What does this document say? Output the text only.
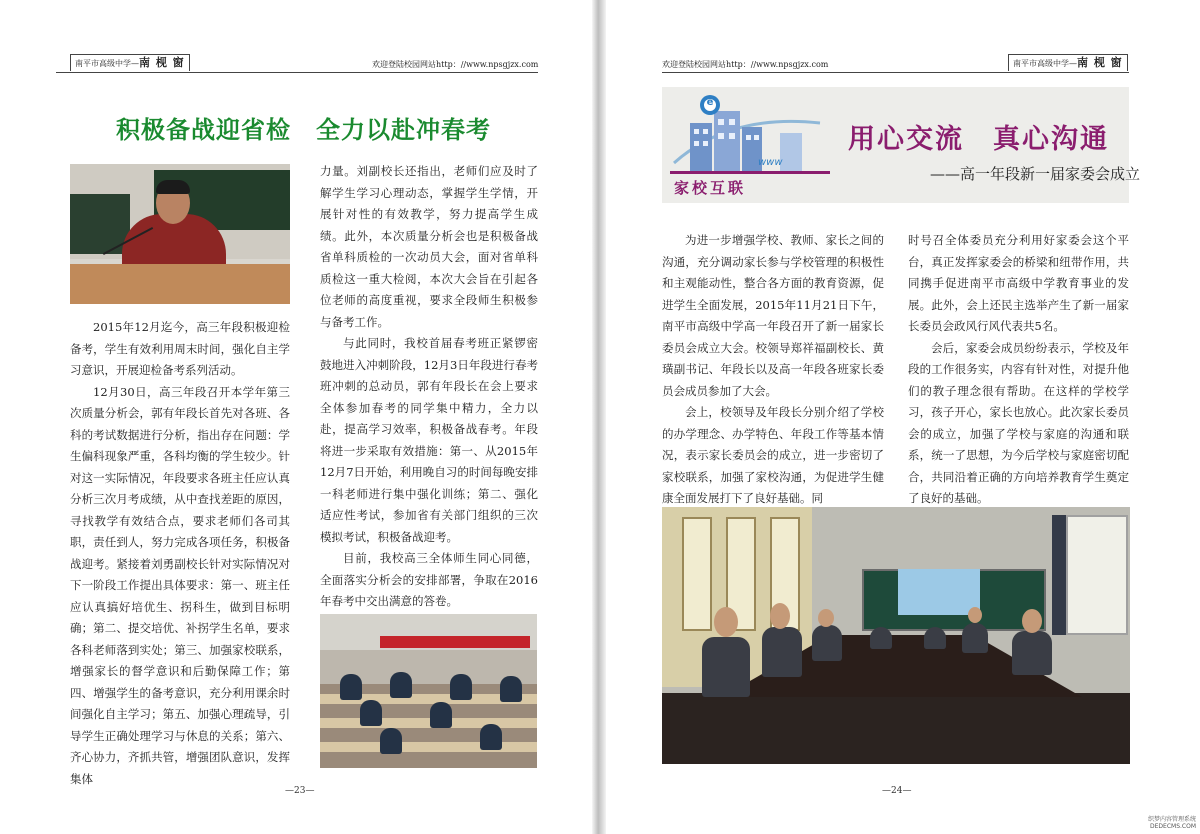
南平市高级中学—南 枧 窗	欢迎登陆校园网站http：//www.npsgjzx.com
积极备战迎省检　全力以赴冲春考

2015年12月迄今，高三年段积极迎检备考，学生有效利用周末时间，强化自主学习意识，开展迎检备考系列活动。

12月30日，高三年段召开本学年第三次质量分析会，郭有年段长首先对各班、各科的考试数据进行分析，指出存在问题：学生偏科现象严重，各科均衡的学生较少。针对这一实际情况，年段要求各班主任应认真分析三次月考成绩，从中查找差距的原因，寻找教学有效结合点，要求老师们各司其职，责任到人，努力完成各项任务，积极备战迎考。紧接着刘勇副校长针对实际情况对下一阶段工作提出具体要求：第一、班主任应认真搞好培优生、拐科生，做到目标明确；第二、提交培优、补拐学生名单，要求各科老师落到实处；第三、加强家校联系，增强家长的督学意识和后勤保障工作；第四、增强学生的备考意识，充分利用课余时间强化自主学习；第五、加强心理疏导，引导学生正确处理学习与休息的关系；第六、齐心协力，齐抓共管，增强团队意识，发挥集体

力量。刘副校长还指出，老师们应及时了解学生学习心理动态，掌握学生学情，开展针对性的有效教学，努力提高学生成绩。此外，本次质量分析会也是积极备战省单科质检的一次动员大会，面对省单科质检这一重大检阅，本次大会旨在引起各位老师的高度重视，要求全段师生积极参与备考工作。

与此同时，我校首届春考班正紧锣密鼓地进入冲刺阶段，12月3日年段进行春考班冲刺的总动员，郭有年段长在会上要求全体参加春考的同学集中精力，全力以赴，提高学习效率，积极备战春考。年段将进一步采取有效措施：第一、从2015年12月7日开始，利用晚自习的时间每晚安排一科老师进行集中强化训练；第二、强化适应性考试，参加省有关部门组织的三次模拟考试，积极备战迎考。

目前，我校高三全体师生同心同德，全面落实分析会的安排部署，争取在2016年春考中交出满意的答卷。

—23—
欢迎登陆校园网站http：//www.npsgjzx.com	南平市高级中学—南 枧 窗
e
www
用心交流　真心沟通
——高一年段新一届家委会成立
家校互联

为进一步增强学校、教师、家长之间的沟通，充分调动家长参与学校管理的积极性和主观能动性，整合各方面的教育资源，促进学生全面发展，2015年11月21日下午，南平市高级中学高一年段召开了新一届家长委员会成立大会。校领导郑祥福副校长、黄璜副书记、年段长以及高一年段各班家长委员会成员参加了大会。

会上，校领导及年段长分别介绍了学校的办学理念、办学特色、年段工作等基本情况，表示家长委员会的成立，进一步密切了家校联系，加强了家校沟通，为促进学生健康全面发展打下了良好基础。同

时号召全体委员充分利用好家委会这个平台，真正发挥家委会的桥梁和纽带作用，共同携手促进南平市高级中学教育事业的发展。此外，会上还民主选举产生了新一届家长委员会政风行风代表共5名。

会后，家委会成员纷纷表示，学校及年段的工作很务实，内容有针对性，对提升他们的教子理念很有帮助。在这样的学校学习，孩子开心，家长也放心。此次家长委员会的成立，加强了学校与家庭的沟通和联系，统一了思想，为今后学校与家庭密切配合，共同沿着正确的方向培养教育学生奠定了良好的基础。

—24—
织梦内容管理系统
DEDECMS.COM
